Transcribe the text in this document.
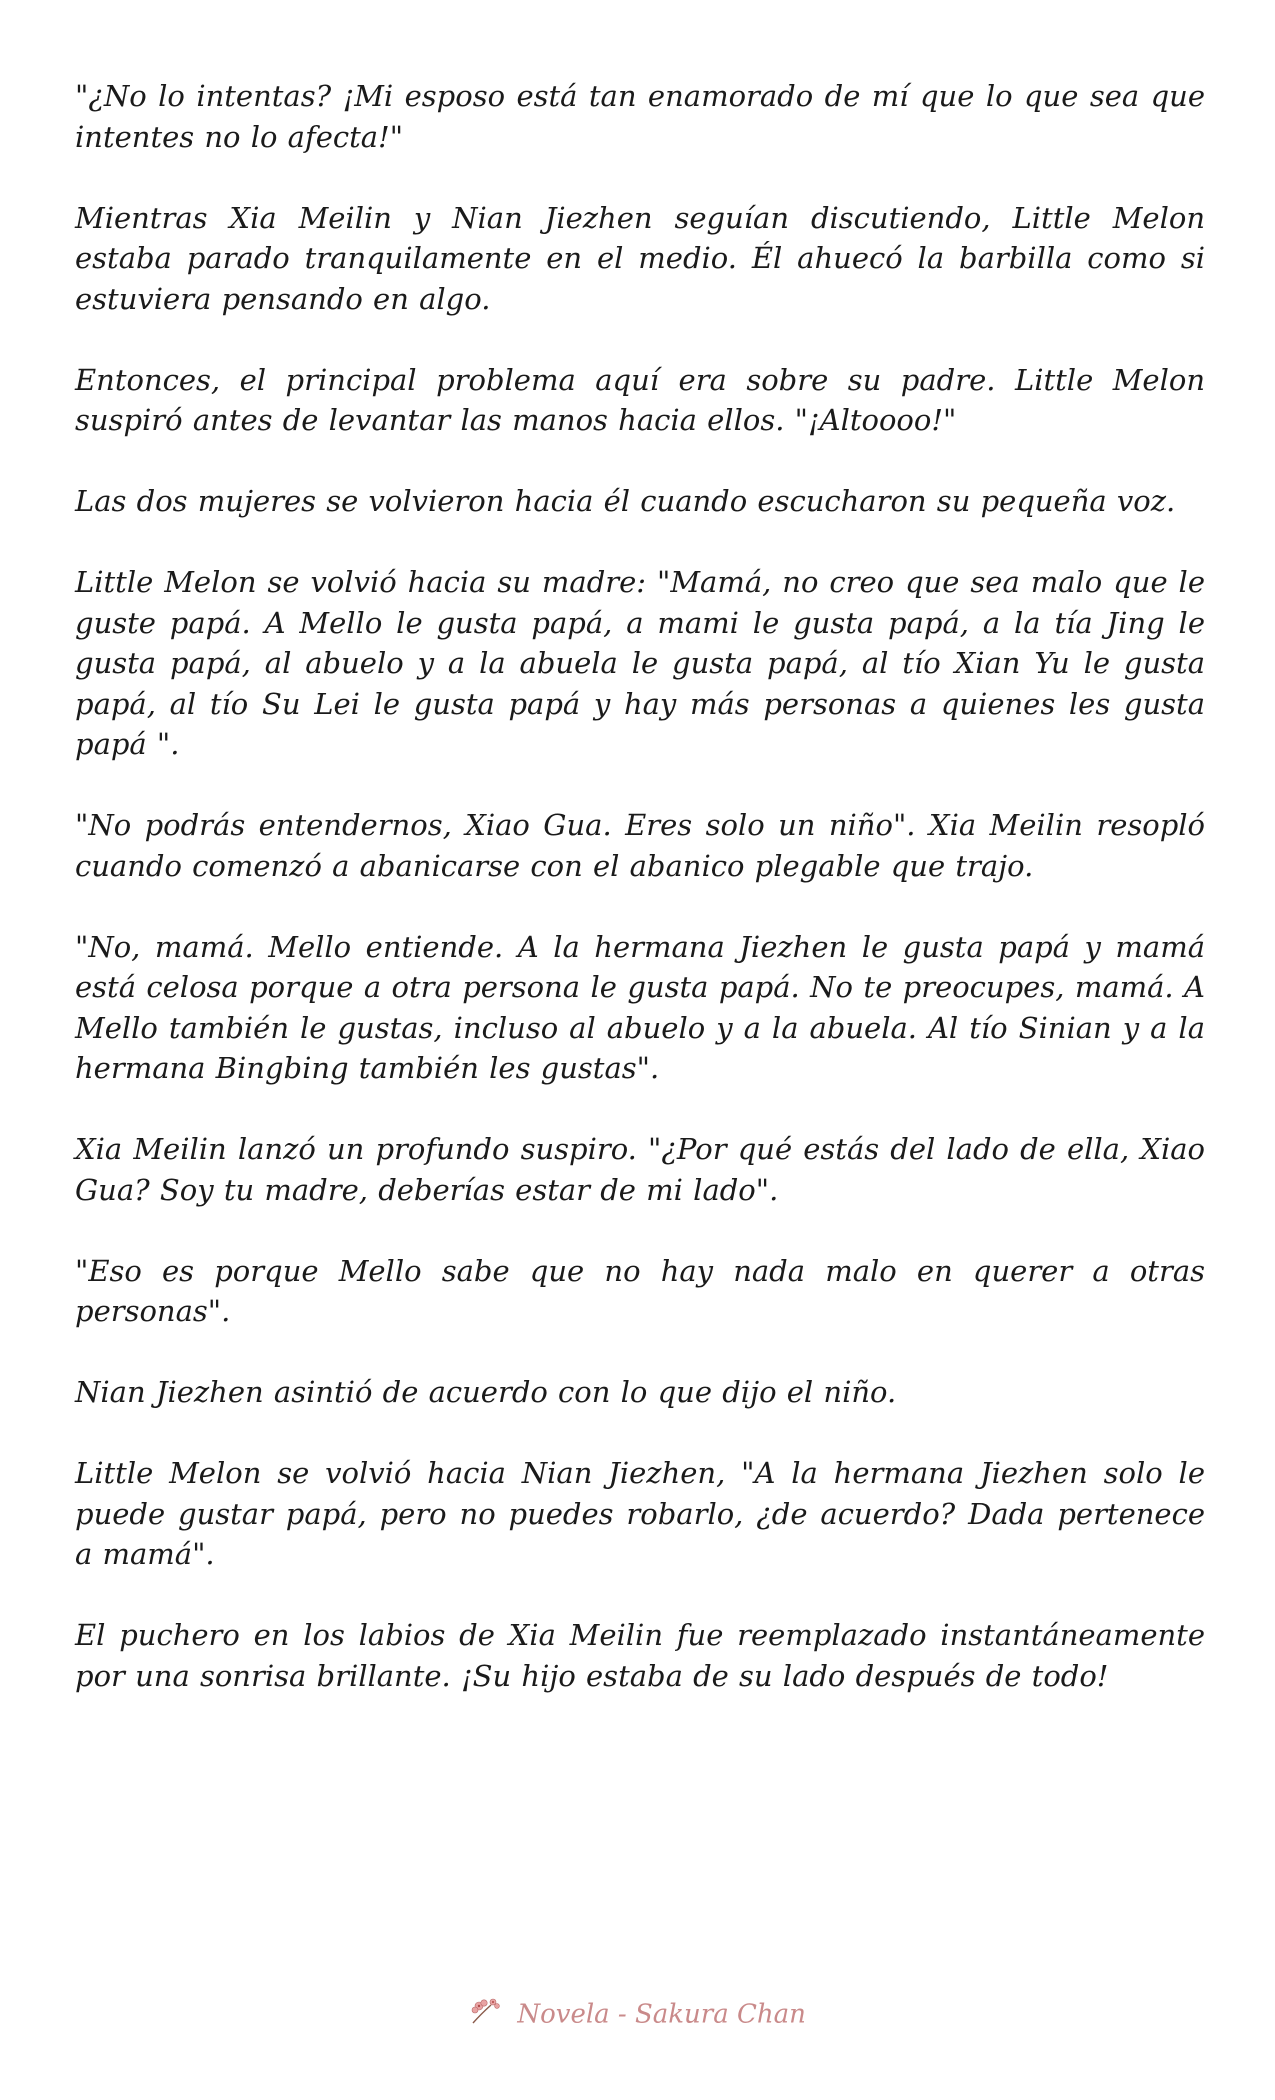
"¿No lo intentas? ¡Mi esposo está tan enamorado de mí que lo que sea que intentes no lo afecta!"

Mientras Xia Meilin y Nian Jiezhen seguían discutiendo, Little Melon estaba parado tranquilamente en el medio. Él ahuecó la barbilla como si estuviera pensando en algo.

Entonces, el principal problema aquí era sobre su padre. Little Melon suspiró antes de levantar las manos hacia ellos. "¡Altoooo!"

Las dos mujeres se volvieron hacia él cuando escucharon su pequeña voz.

Little Melon se volvió hacia su madre: "Mamá, no creo que sea malo que le guste papá. A Mello le gusta papá, a mami le gusta papá, a la tía Jing le gusta papá, al abuelo y a la abuela le gusta papá, al tío Xian Yu le gusta papá, al tío Su Lei le gusta papá y hay más personas a quienes les gusta papá ".

"No podrás entendernos, Xiao Gua. Eres solo un niño". Xia Meilin resopló cuando comenzó a abanicarse con el abanico plegable que trajo.

"No, mamá. Mello entiende. A la hermana Jiezhen le gusta papá y mamá está celosa porque a otra persona le gusta papá. No te preocupes, mamá. A Mello también le gustas, incluso al abuelo y a la abuela. Al tío Sinian y a la hermana Bingbing también les gustas".

Xia Meilin lanzó un profundo suspiro. "¿Por qué estás del lado de ella, Xiao Gua? Soy tu madre, deberías estar de mi lado".

"Eso es porque Mello sabe que no hay nada malo en querer a otras personas".

Nian Jiezhen asintió de acuerdo con lo que dijo el niño.

Little Melon se volvió hacia Nian Jiezhen, "A la hermana Jiezhen solo le puede gustar papá, pero no puedes robarlo, ¿de acuerdo? Dada pertenece a mamá".

El puchero en los labios de Xia Meilin fue reemplazado instantáneamente por una sonrisa brillante. ¡Su hijo estaba de su lado después de todo!

Novela - Sakura Chan
